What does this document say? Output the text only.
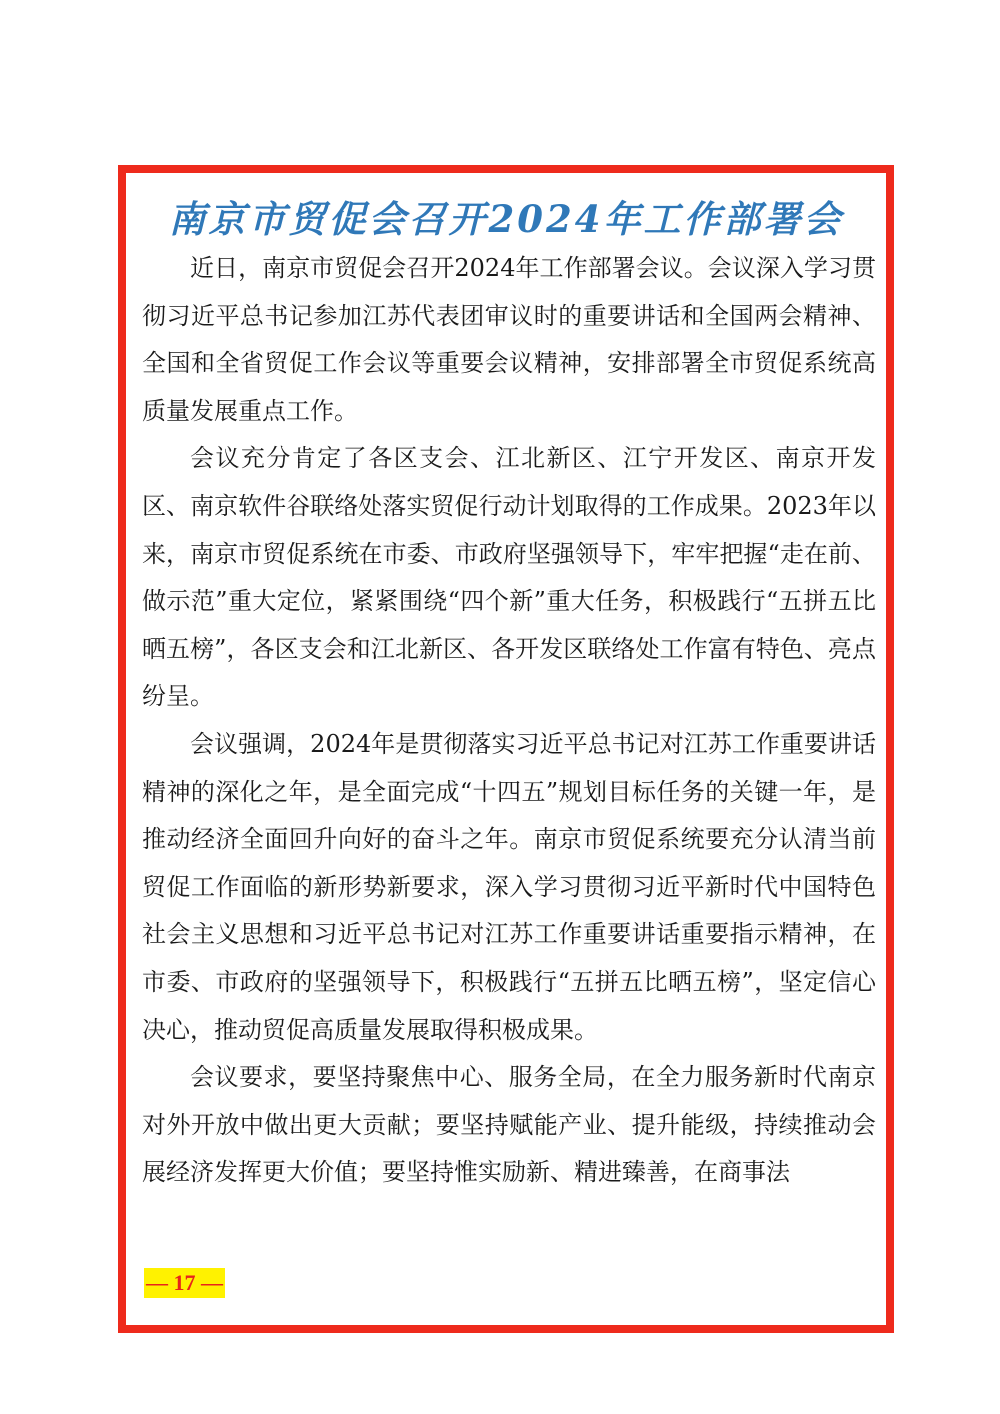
南京市贸促会召开2024年工作部署会

近日，南京市贸促会召开2024年工作部署会议。会议深入学习贯彻习近平总书记参加江苏代表团审议时的重要讲话和全国两会精神、全国和全省贸促工作会议等重要会议精神，安排部署全市贸促系统高质量发展重点工作。

会议充分肯定了各区支会、江北新区、江宁开发区、南京开发区、南京软件谷联络处落实贸促行动计划取得的工作成果。2023年以来，南京市贸促系统在市委、市政府坚强领导下，牢牢把握“走在前、做示范”重大定位，紧紧围绕“四个新”重大任务，积极践行“五拼五比晒五榜”，各区支会和江北新区、各开发区联络处工作富有特色、亮点纷呈。

会议强调，2024年是贯彻落实习近平总书记对江苏工作重要讲话精神的深化之年，是全面完成“十四五”规划目标任务的关键一年，是推动经济全面回升向好的奋斗之年。南京市贸促系统要充分认清当前贸促工作面临的新形势新要求，深入学习贯彻习近平新时代中国特色社会主义思想和习近平总书记对江苏工作重要讲话重要指示精神，在市委、市政府的坚强领导下，积极践行“五拼五比晒五榜”，坚定信心决心，推动贸促高质量发展取得积极成果。

会议要求，要坚持聚焦中心、服务全局，在全力服务新时代南京对外开放中做出更大贡献；要坚持赋能产业、提升能级，持续推动会展经济发挥更大价值；要坚持惟实励新、精进臻善，在商事法

— 17 —
